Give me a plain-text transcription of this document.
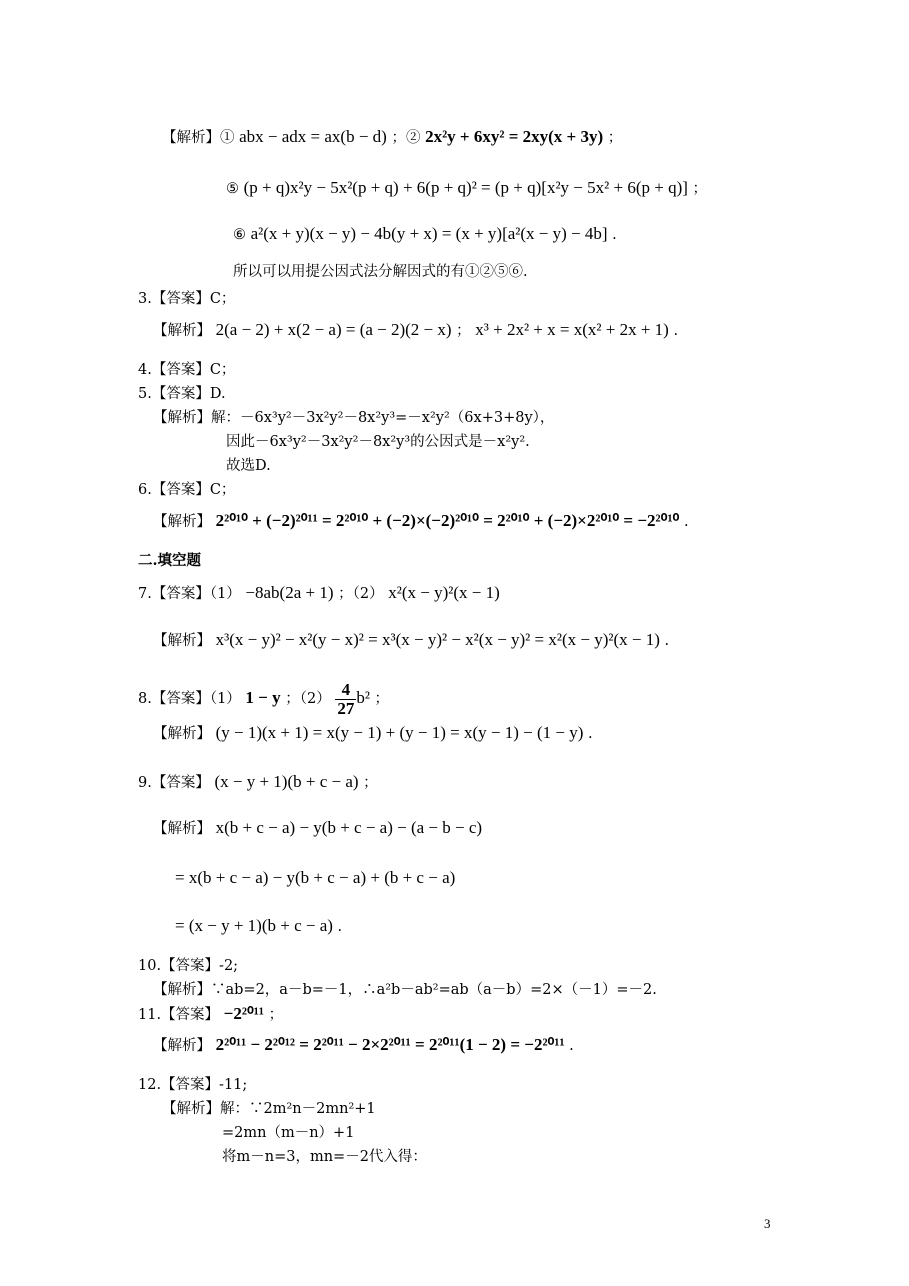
【解析】① abx − adx = ax(b − d) ；② 2x²y + 6xy² = 2xy(x + 3y) ；
⑤ (p + q)x²y − 5x²(p + q) + 6(p + q)² = (p + q)[x²y − 5x² + 6(p + q)] ；
⑥ a²(x + y)(x − y) − 4b(y + x) = (x + y)[a²(x − y) − 4b] .
所以可以用提公因式法分解因式的有①②⑤⑥.
3.【答案】C；
【解析】 2(a − 2) + x(2 − a) = (a − 2)(2 − x) ； x³ + 2x² + x = x(x² + 2x + 1) .
4.【答案】C；
5.【答案】D.
【解析】解：－6x³y²－3x²y²－8x²y³=－x²y²（6x+3+8y），
因此－6x³y²－3x²y²－8x²y³的公因式是－x²y².
故选D.
6.【答案】C；
【解析】 2²⁰¹⁰ + (−2)²⁰¹¹ = 2²⁰¹⁰ + (−2)×(−2)²⁰¹⁰ = 2²⁰¹⁰ + (−2)×2²⁰¹⁰ = −2²⁰¹⁰ .
二.填空题
7.【答案】（1） −8ab(2a + 1) ；（2） x²(x − y)²(x − 1)
【解析】 x³(x − y)² − x²(y − x)² = x³(x − y)² − x²(x − y)² = x²(x − y)²(x − 1) .
8.【答案】（1） 1 − y ；$(2) \frac{4}{27} b^2$ ；
【解析】 (y − 1)(x + 1) = x(y − 1) + (y − 1) = x(y − 1) − (1 − y) .
9.【答案】 (x − y + 1)(b + c − a) ；
【解析】 x(b + c − a) − y(b + c − a) − (a − b − c)
= x(b + c − a) − y(b + c − a) + (b + c − a)
= (x − y + 1)(b + c − a) .
10.【答案】-2;
【解析】∵ab=2，a－b=－1，∴a²b－ab²=ab（a－b）=2×（－1）=－2.
11.【答案】 −2²⁰¹¹ ；
【解析】 2²⁰¹¹ − 2²⁰¹² = 2²⁰¹¹ − 2×2²⁰¹¹ = 2²⁰¹¹(1 − 2) = −2²⁰¹¹ .
12.【答案】-11;
【解析】解：∵2m²n－2mn²+1
=2mn（m－n）+1
将m－n=3，mn=－2代入得：
3
